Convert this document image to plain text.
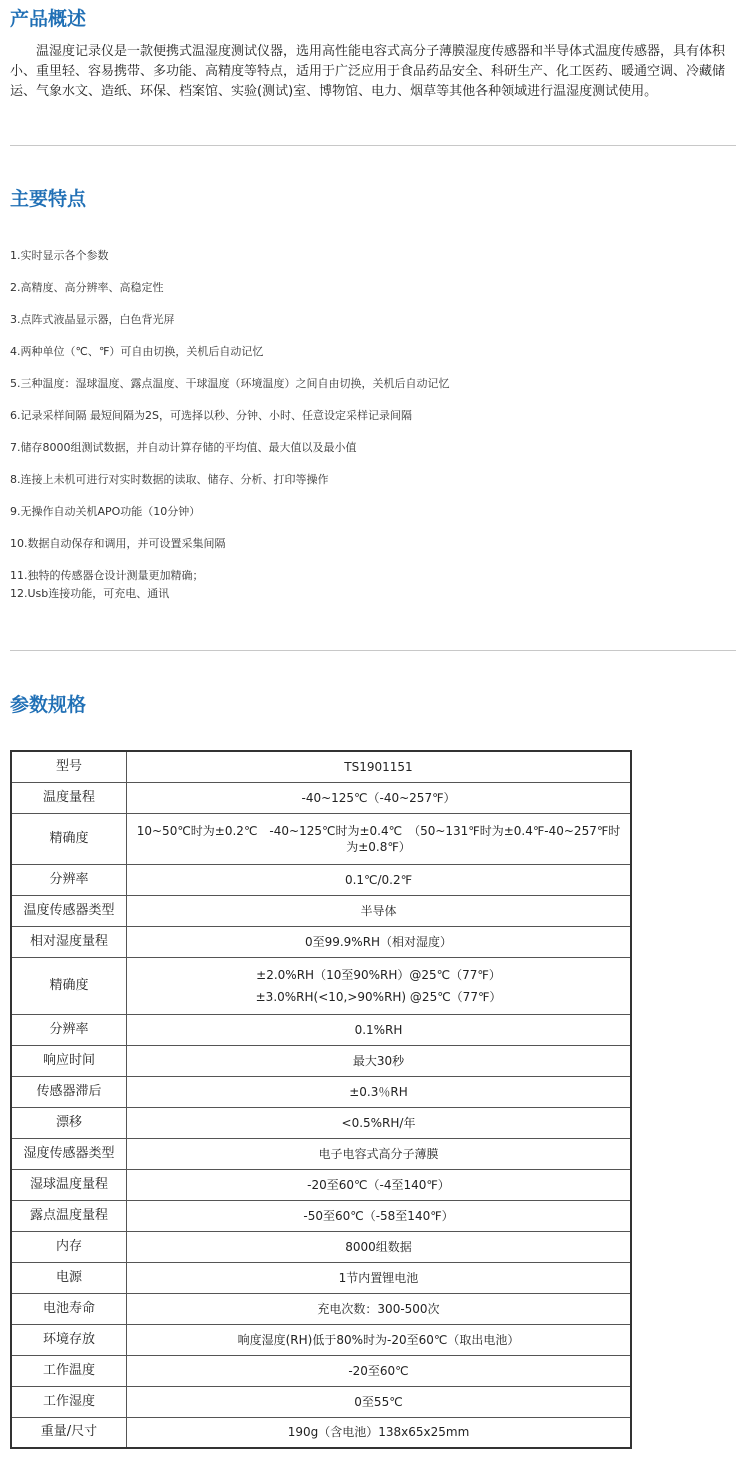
产品概述

温湿度记录仪是一款便携式温湿度测试仪器，选用高性能电容式高分子薄膜湿度传感器和半导体式温度传感器，具有体积小、重里轻、容易携带、多功能、高精度等特点，适用于广泛应用于食品药品安全、科研生产、化工医药、暖通空调、冷藏储运、气象水文、造纸、环保、档案馆、实验(测试)室、博物馆、电力、烟草等其他各种领域进行温湿度测试使用。

主要特点
1.实时显示各个参数
2.高精度、高分辨率、高稳定性
3.点阵式液晶显示器，白色背光屏
4.两种单位（℃、℉）可自由切换，关机后自动记忆
5.三种温度：湿球温度、露点温度、干球温度（环境温度）之间自由切换，关机后自动记忆
6.记录采样间隔 最短间隔为2S，可选择以秒、分钟、小时、任意设定采样记录间隔
7.储存8000组测试数据，并自动计算存储的平均值、最大值以及最小值
8.连接上未机可进行对实时数据的读取、储存、分析、打印等操作
9.无操作自动关机APO功能（10分钟）
10.数据自动保存和调用，并可设置采集间隔
11.独特的传感器仓设计测量更加精确；
12.Usb连接功能，可充电、通讯
参数规格
型号	TS1901151
温度量程	-40~125℃（-40~257℉）
精确度	10~50℃时为±0.2℃　-40~125℃时为±0.4℃　（50~131℉时为±0.4℉-40~257℉时为±0.8℉）
分辨率	0.1℃/0.2℉
温度传感器类型	半导体
相对湿度量程	0至99.9%RH（相对湿度）
精确度	±2.0%RH（10至90%RH）@25℃（77℉）
±3.0%RH(<10,>90%RH) @25℃（77℉）

分辨率	0.1%RH
响应时间	最大30秒
传感器滞后	±0.3％RH
漂移	<0.5%RH/年
湿度传感器类型	电子电容式高分子薄膜
湿球温度量程	-20至60℃（-4至140℉）
露点温度量程	-50至60℃（-58至140℉）
内存	8000组数据
电源	1节内置锂电池
电池寿命	充电次数：300-500次
环境存放	响度湿度(RH)低于80%时为-20至60℃（取出电池）
工作温度	-20至60℃
工作湿度	0至55℃
重量/尺寸	190g（含电池）138x65x25mm
